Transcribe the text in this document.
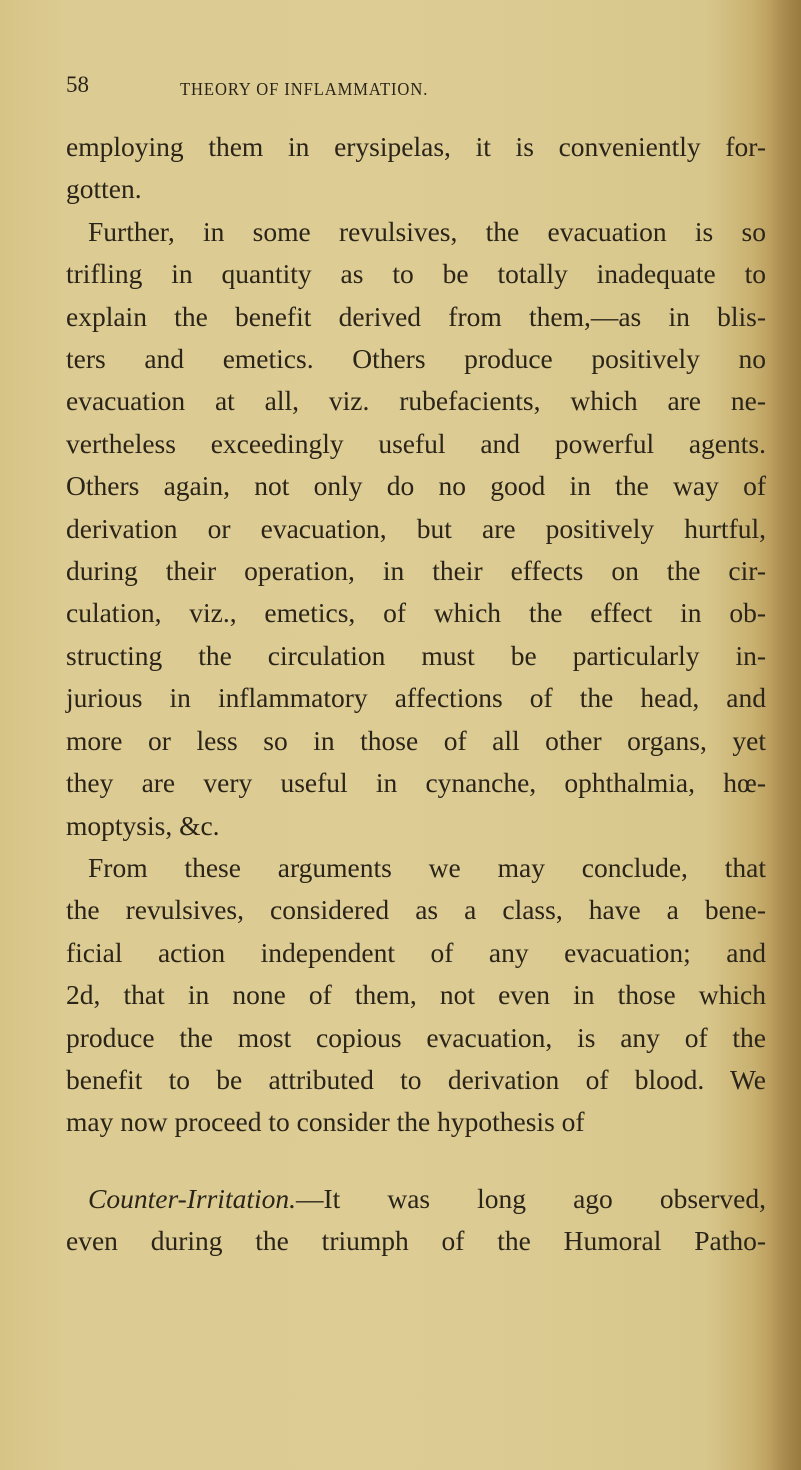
58	THEORY OF INFLAMMATION.
employing them in erysipelas, it is conveniently for-
gotten.
Further, in some revulsives, the evacuation is so
trifling in quantity as to be totally inadequate to
explain the benefit derived from them,—as in blis-
ters and emetics. Others produce positively no
evacuation at all, viz. rubefacients, which are ne-
vertheless exceedingly useful and powerful agents.
Others again, not only do no good in the way of
derivation or evacuation, but are positively hurtful,
during their operation, in their effects on the cir-
culation, viz., emetics, of which the effect in ob-
structing the circulation must be particularly in-
jurious in inflammatory affections of the head, and
more or less so in those of all other organs, yet
they are very useful in cynanche, ophthalmia, hœ-
moptysis, &c.
From these arguments we may conclude, that
the revulsives, considered as a class, have a bene-
ficial action independent of any evacuation; and
2d, that in none of them, not even in those which
produce the most copious evacuation, is any of the
benefit to be attributed to derivation of blood. We
may now proceed to consider the hypothesis of
Counter-Irritation.—It was long ago observed,
even during the triumph of the Humoral Patho-
